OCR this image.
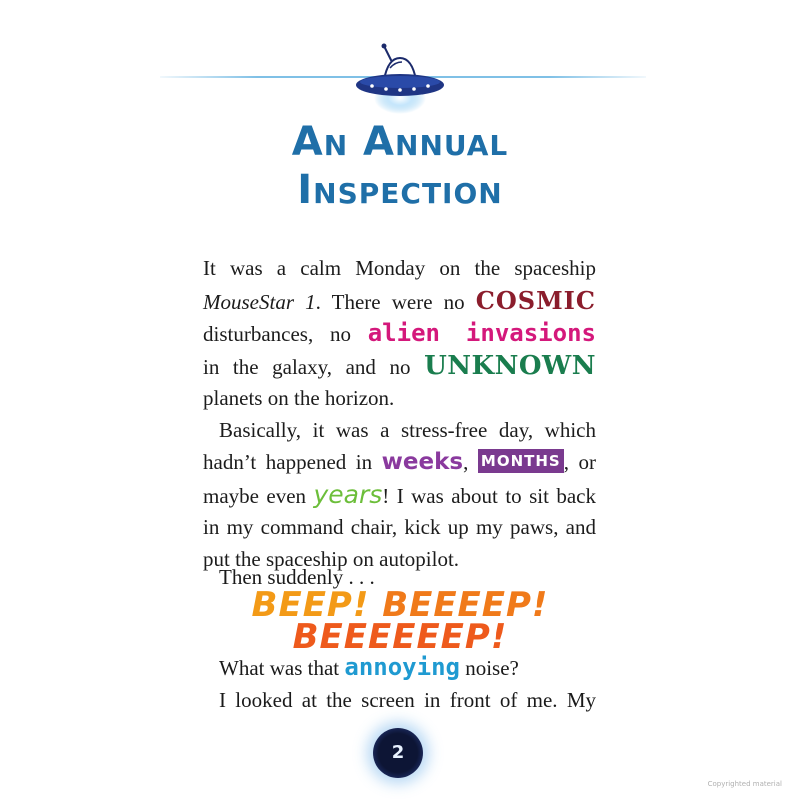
An Annual
Inspection

It was a calm Monday on the spaceship

MouseStar 1. There were no COSMIC

disturbances, no alien invasions

in the galaxy, and no UNKNOWN

planets on the horizon.

Basically, it was a stress-free day, which

hadn’t happened in weeks, MONTHS , or

maybe even years! I was about to sit back

in my command chair, kick up my paws, and

put the spaceship on autopilot.

Then suddenly . . .
BEEP! BEEEEP!
BEEEEEEP!

What was that annoying noise?

I looked at the screen in front of me. My

2
Copyrighted material
